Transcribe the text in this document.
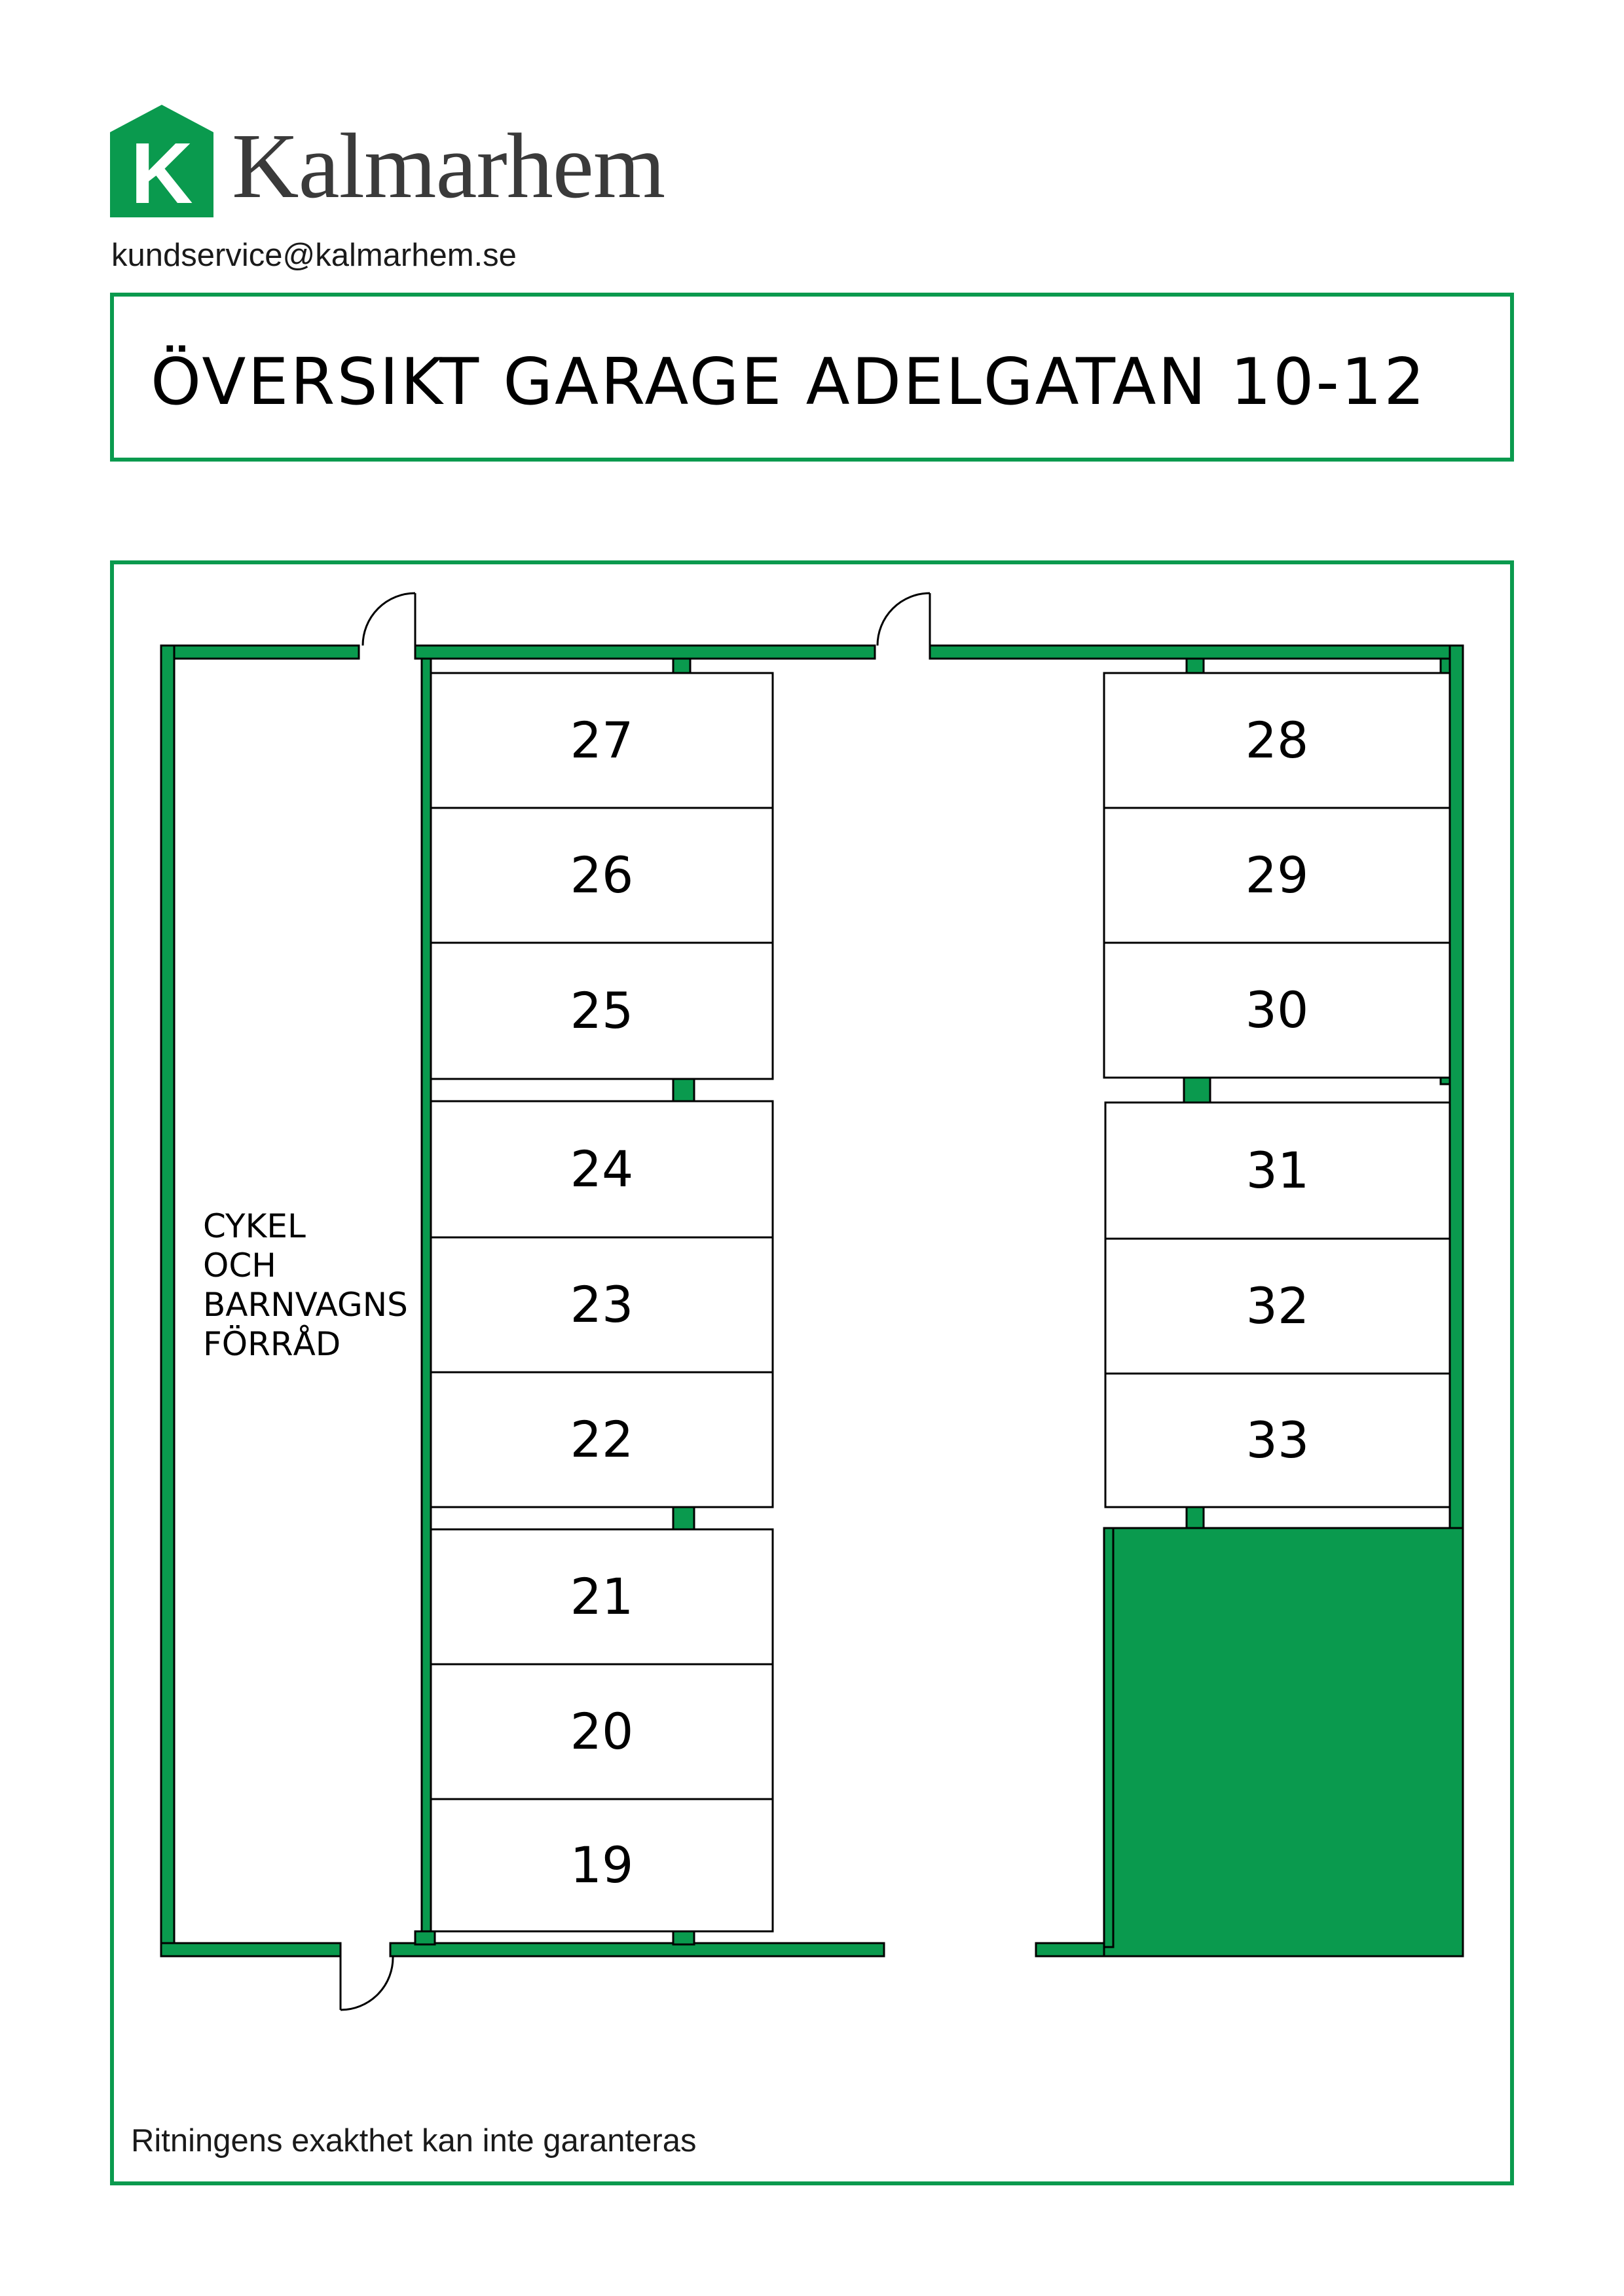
K Kalmarhem
kundservice@kalmarhem.se
ÖVERSIKT GARAGE ADELGATAN 10-12
CYKEL
OCH
BARNVAGNS
FÖRRÅD
27
26
25
24
23
22
21
20
19
28
29
30
31
32
33
Ritningens exakthet kan inte garanteras
